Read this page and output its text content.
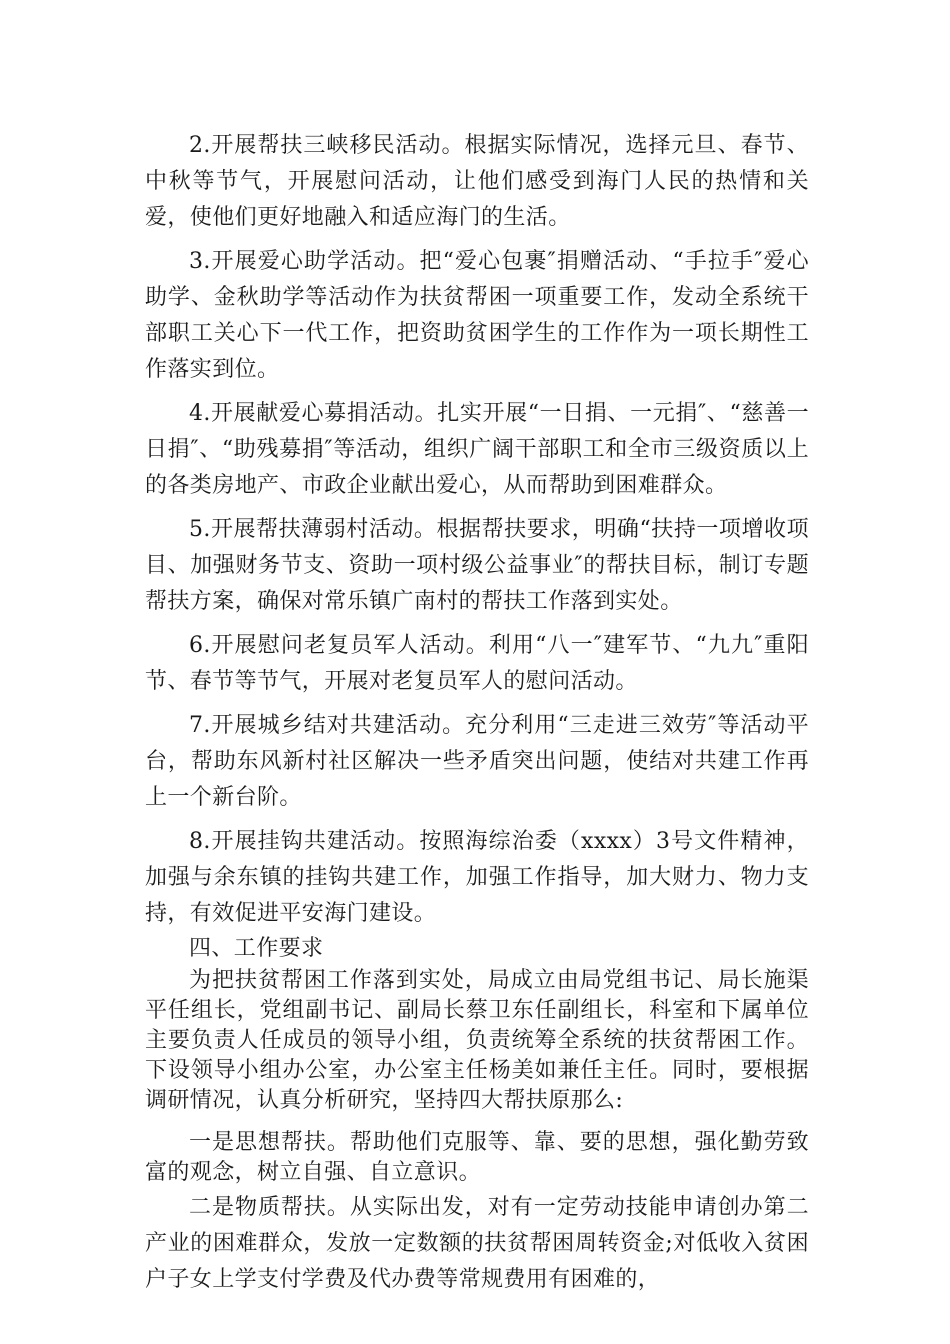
2.开展帮扶三峡移民活动。根据实际情况，选择元旦、春节、中秋等节气，开展慰问活动，让他们感受到海门人民的热情和关爱，使他们更好地融入和适应海门的生活。

3.开展爱心助学活动。把“爱心包裹″捐赠活动、“手拉手″爱心助学、金秋助学等活动作为扶贫帮困一项重要工作，发动全系统干部职工关心下一代工作，把资助贫困学生的工作作为一项长期性工作落实到位。

4.开展献爱心募捐活动。扎实开展“一日捐、一元捐″、“慈善一日捐″、“助残募捐″等活动，组织广阔干部职工和全市三级资质以上的各类房地产、市政企业献出爱心，从而帮助到困难群众。

5.开展帮扶薄弱村活动。根据帮扶要求，明确“扶持一项增收项目、加强财务节支、资助一项村级公益事业″的帮扶目标，制订专题帮扶方案，确保对常乐镇广南村的帮扶工作落到实处。

6.开展慰问老复员军人活动。利用“八一″建军节、“九九″重阳节、春节等节气，开展对老复员军人的慰问活动。

7.开展城乡结对共建活动。充分利用“三走进三效劳″等活动平台，帮助东风新村社区解决一些矛盾突出问题，使结对共建工作再上一个新台阶。

8.开展挂钩共建活动。按照海综治委（xxxx）3号文件精神，加强与余东镇的挂钩共建工作，加强工作指导，加大财力、物力支持，有效促进平安海门建设。

四、工作要求

为把扶贫帮困工作落到实处，局成立由局党组书记、局长施渠平任组长，党组副书记、副局长蔡卫东任副组长，科室和下属单位主要负责人任成员的领导小组，负责统筹全系统的扶贫帮困工作。下设领导小组办公室，办公室主任杨美如兼任主任。同时，要根据调研情况，认真分析研究，坚持四大帮扶原那么:

一是思想帮扶。帮助他们克服等、靠、要的思想，强化勤劳致富的观念，树立自强、自立意识。

二是物质帮扶。从实际出发，对有一定劳动技能申请创办第二产业的困难群众，发放一定数额的扶贫帮困周转资金;对低收入贫困户子女上学支付学费及代办费等常规费用有困难的，
